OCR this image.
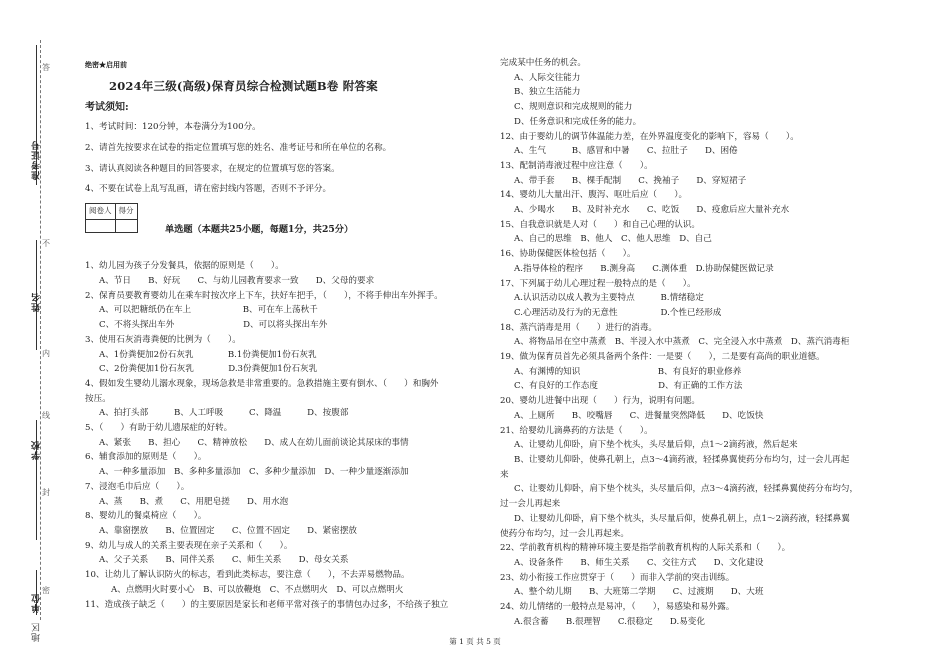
准考证号
姓名
学校
单位
地区
答
不
内
线
封
密
绝密★启用前
2024年三级(高级)保育员综合检测试题B卷 附答案
考试须知:
1、考试时间：120分钟，本卷满分为100分。
2、请首先按要求在试卷的指定位置填写您的姓名、准考证号和所在单位的名称。
3、请认真阅读各种题目的回答要求，在规定的位置填写您的答案。
4、不要在试卷上乱写乱画，请在密封线内答题，否则不予评分。
阅卷人	得分

单选题（本题共25小题，每题1分，共25分）
1、幼儿园为孩子分发餐具，依据的原则是（　　）。
A、节日　　B、好玩　　C、与幼儿园教育要求一致　　D、父母的要求
2、保育员要教育婴幼儿在乘车时按次序上下车，扶好车把手，（　　），不将手伸出车外挥手。
A、可以把糖纸仍在车上　　　　　　B、可在车上荡秋千
C、不将头探出车外　　　　　　　　D、可以将头探出车外
3、使用石灰消毒粪便的比例为（　　）。
A、1份粪便加2份石灰乳　　　　B.1份粪便加1份石灰乳
C、2份粪便加1份石灰乳　　　　D.3份粪便加1份石灰乳
4、假如发生婴幼儿溺水现象，现场急救是非常重要的。急救措施主要有倒水、（　　）和胸外
按压。
A、拍打头部　　　B、人工呼吸　　　C、降温　　　D、按腹部
5、（　　）有助于幼儿遗尿症的好转。
A、紧张　　B、担心　　C、精神放松　　D、成人在幼儿面前谈论其尿床的事情
6、辅食添加的原则是（　　）。
A、一种多量添加　B、多种多量添加　C、多种少量添加　D、一种少量逐渐添加
7、浸泡毛巾后应（　　）。
A、蒸　　B、煮　　C、用肥皂搓　　D、用水泡
8、婴幼儿的餐桌椅应（　　）。
A、靠窗摆放　　B、位置固定　　C、位置不固定　　D、紧密摆放
9、幼儿与成人的关系主要表现在亲子关系和（　　）。
A、父子关系　　B、同伴关系　　C、师生关系　　D、母女关系
10、让幼儿了解认识防火的标志，看到此类标志，要注意（　　），不去弄易燃物品。
A、点燃明火时要小心　B、可以放鞭炮　C、不点燃明火　D、可以点燃明火
11、造成孩子缺乏（　　）的主要原因是家长和老师平常对孩子的事情包办过多，不给孩子独立
完成某中任务的机会。
A、人际交往能力
B、独立生活能力
C、规则意识和完成规则的能力
D、任务意识和完成任务的能力。
12、由于婴幼儿的调节体温能力差，在外界温度变化的影响下，容易（　　）。
A、生气　　　B、感冒和中暑　　C、拉肚子　　D、困倦
13、配制消毒液过程中应注意（　　）。
A、带手套　　B、棵手配制　　C、挽袖子　　D、穿短裙子
14、婴幼儿大量出汗、腹泻、呕吐后应（　　）。
A、少喝水　　B、及时补充水　　C、吃饭　　D、疫愈后应大量补充水
15、自我意识就是人对（　　）和自己心理的认识。
A、自己的思维　B、他人　C、他人思维　D、自己
16、协助保健医体检包括（　　）。
A.指导体检的程序　　B.测身高　　C.测体重　D.协助保健医做记录
17、下列属于幼儿心理过程一般特点的是（　　）。
A.认识活动以成人教为主要特点　　　B.情绪稳定
C.心理活动及行为的无意性　　　　　D.个性已经形成
18、蒸汽消毒是用（　　）进行的消毒。
A、将物品吊在空中蒸煮　B、半浸入水中蒸煮　C、完全浸入水中蒸煮　D、蒸汽消毒柜
19、做为保育员首先必须具备两个条件：一是要（　　），二是要有高尚的职业道德。
A、有渊博的知识　　　　　　　　　B、有良好的职业修养
C、有良好的工作态度　　　　　　　D、有正确的工作方法
20、婴幼儿进餐中出现（　　）行为，说明有问题。
A、上厕所　　B、咬嘴唇　　C、进餐量突然降低　　D、吃饭快
21、给婴幼儿滴鼻药的方法是（　　）。
A、让婴幼儿仰卧，肩下垫个枕头，头尽量后仰，点1～2滴药液，然后起来
B、让婴幼儿仰卧，使鼻孔朝上，点3～4滴药液，轻揉鼻翼使药分布均匀，过一会儿再起
来
C、让婴幼儿仰卧，肩下垫个枕头，头尽量后仰，点3～4滴药液，轻揉鼻翼使药分布均匀，
过一会儿再起来
D、让婴幼儿仰卧，肩下垫个枕头，头尽量后仰，使鼻孔朝上，点1～2滴药液，轻揉鼻翼
使药分布均匀，过一会儿再起来。
22、学前教育机构的精神环境主要是指学前教育机构的人际关系和（　　）。
A、设备条件　　B、师生关系　　C、交往方式　　D、文化建设
23、幼小衔接工作应贯穿于（　　）而非入学前的突击训练。
A、整个幼儿期　　B、大班第二学期　　C、过渡期　　D、大班
24、幼儿情绪的一般特点是易冲，（　　），易感染和易外露。
A.很含蓄　　B.很理智　　C.很稳定　　D.易变化
第 1 页 共 5 页
